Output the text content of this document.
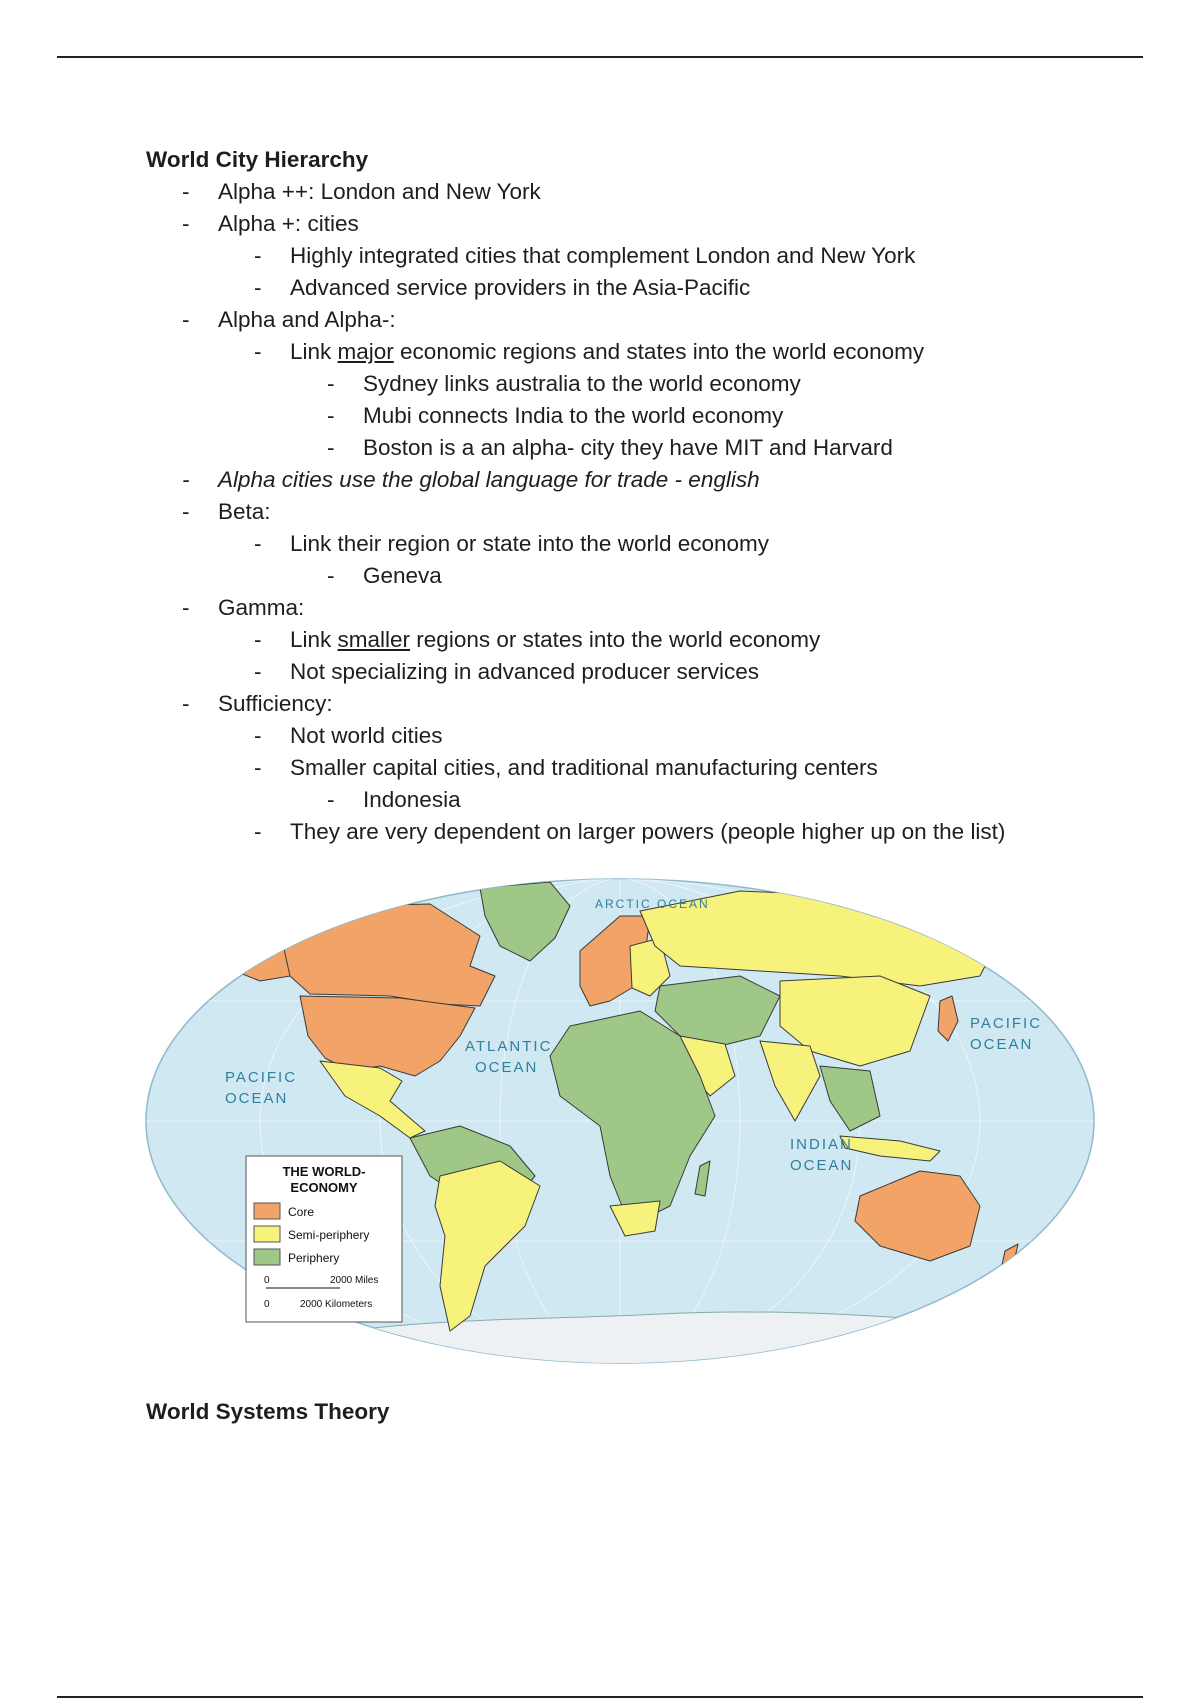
World City Hierarchy
- Alpha ++: London and New York
- Alpha +: cities
- Highly integrated cities that complement London and New York
- Advanced service providers in the Asia-Pacific
- Alpha and Alpha-:
- Link major economic regions and states into the world economy
- Sydney links australia to the world economy
- Mubi connects India to the world economy
- Boston is a an alpha- city they have MIT and Harvard
- Alpha cities use the global language for trade - english
- Beta:
- Link their region or state into the world economy
- Geneva
- Gamma:
- Link smaller regions or states into the world economy
- Not specializing in advanced producer services
- Sufficiency:
- Not world cities
- Smaller capital cities, and traditional manufacturing centers
- Indonesia
- They are very dependent on larger powers (people higher up on the list)
ARCTIC OCEAN
ATLANTIC
OCEAN
PACIFIC
OCEAN
PACIFIC
OCEAN
INDIAN
OCEAN
THE WORLD-
ECONOMY
Core
Semi-periphery
Periphery
0	2000 Miles
0	2000 Kilometers
World Systems Theory
